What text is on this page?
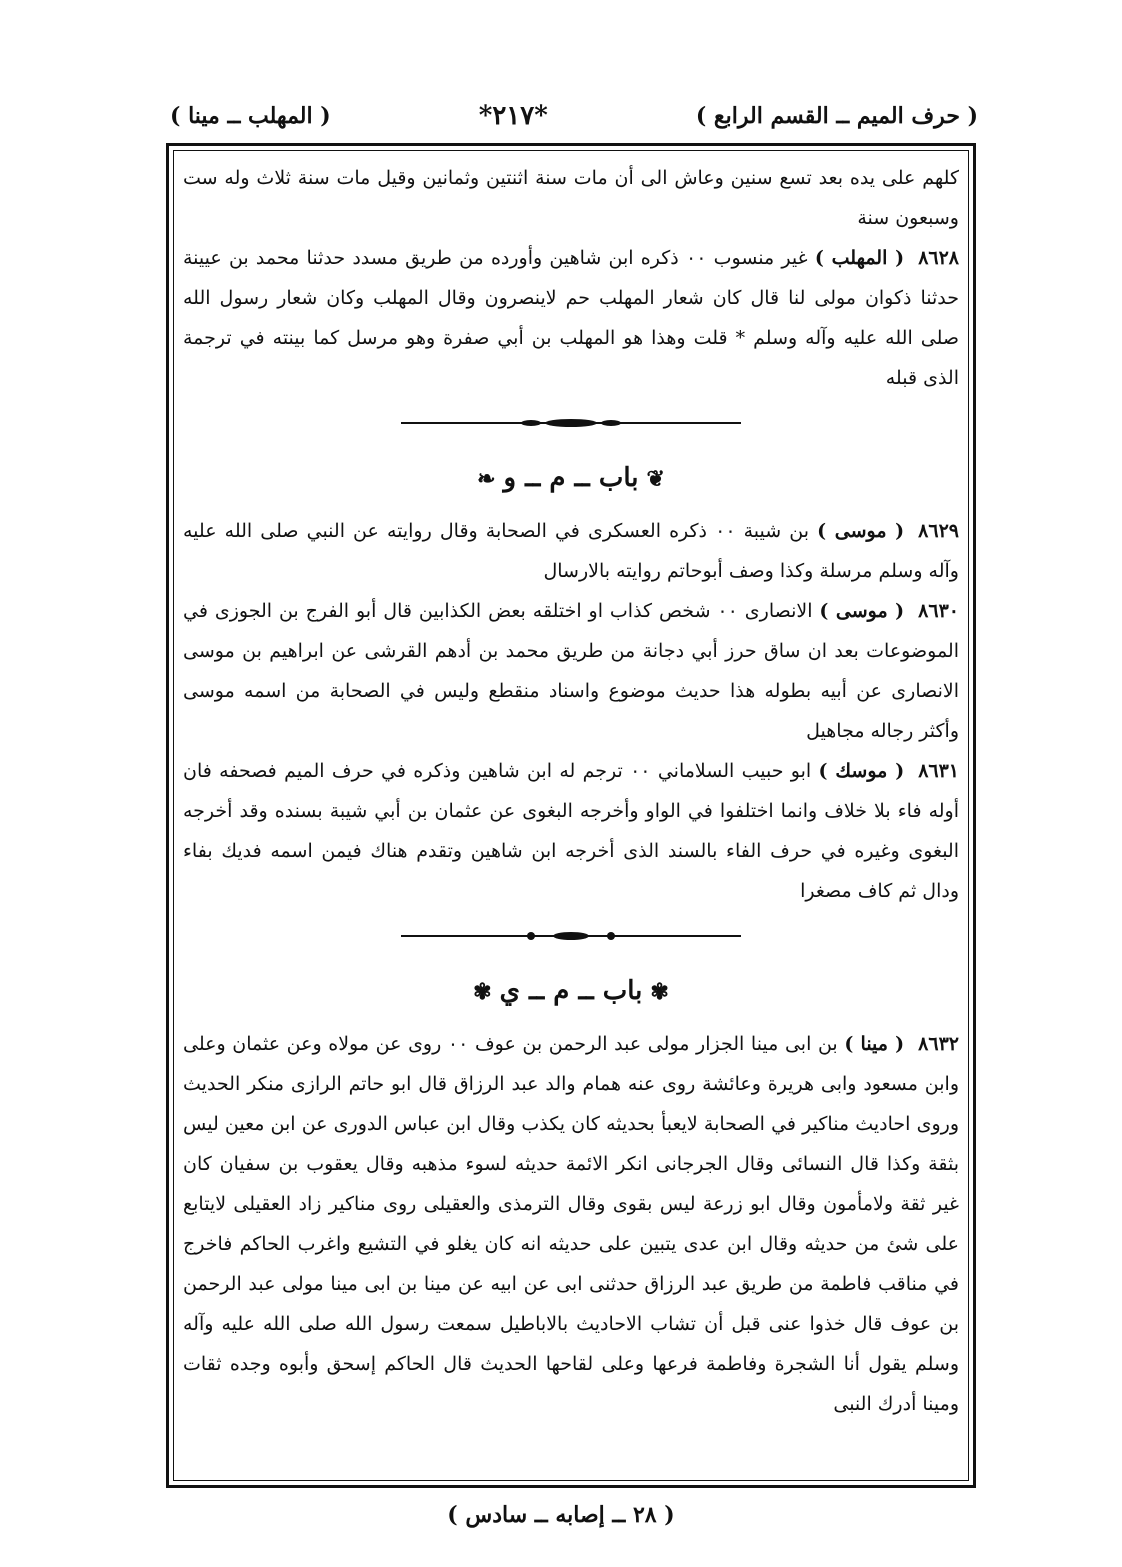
( حرف الميم ــ القسم الرابع )
*٢١٧*
( المهلب ــ مينا )

كلهم على يده بعد تسع سنين وعاش الى أن مات سنة اثنتين وثمانين وقيل مات سنة ثلاث وله ست وسبعون سنة

٨٦٢٨( المهلب ) غير منسوب ٠٠ ذكره ابن شاهين وأورده من طريق مسدد حدثنا محمد بن عيينة حدثنا ذكوان مولى لنا قال كان شعار المهلب حم لاينصرون وقال المهلب وكان شعار رسول الله صلى الله عليه وآله وسلم * قلت وهذا هو المهلب بن أبي صفرة وهو مرسل كما بينته في ترجمة الذى قبله

❦باب ــ م ــ و❧

٨٦٢٩( موسى ) بن شيبة ٠٠ ذكره العسكرى في الصحابة وقال روايته عن النبي صلى الله عليه وآله وسلم مرسلة وكذا وصف أبوحاتم روايته بالارسال

٨٦٣٠( موسى ) الانصارى ٠٠ شخص كذاب او اختلقه بعض الكذابين قال أبو الفرج بن الجوزى في الموضوعات بعد ان ساق حرز أبي دجانة من طريق محمد بن أدهم القرشى عن ابراهيم بن موسى الانصارى عن أبيه بطوله هذا حديث موضوع واسناد منقطع وليس في الصحابة من اسمه موسى وأكثر رجاله مجاهيل

٨٦٣١( موسك ) ابو حبيب السلاماني ٠٠ ترجم له ابن شاهين وذكره في حرف الميم فصحفه فان أوله فاء بلا خلاف وانما اختلفوا في الواو وأخرجه البغوى عن عثمان بن أبي شيبة بسنده وقد أخرجه البغوى وغيره في حرف الفاء بالسند الذى أخرجه ابن شاهين وتقدم هناك فيمن اسمه فديك بفاء ودال ثم كاف مصغرا

✾باب ــ م ــ ي✾

٨٦٣٢( مينا ) بن ابى مينا الجزار مولى عبد الرحمن بن عوف ٠٠ روى عن مولاه وعن عثمان وعلى وابن مسعود وابى هريرة وعائشة روى عنه همام والد عبد الرزاق قال ابو حاتم الرازى منكر الحديث وروى احاديث مناكير في الصحابة لايعبأ بحديثه كان يكذب وقال ابن عباس الدورى عن ابن معين ليس بثقة وكذا قال النسائى وقال الجرجانى انكر الائمة حديثه لسوء مذهبه وقال يعقوب بن سفيان كان غير ثقة ولامأمون وقال ابو زرعة ليس بقوى وقال الترمذى والعقيلى روى مناكير زاد العقيلى لايتابع على شئ من حديثه وقال ابن عدى يتبين على حديثه انه كان يغلو في التشيع واغرب الحاكم فاخرج في مناقب فاطمة من طريق عبد الرزاق حدثنى ابى عن ابيه عن مينا بن ابى مينا مولى عبد الرحمن بن عوف قال خذوا عنى قبل أن تشاب الاحاديث بالاباطيل سمعت رسول الله صلى الله عليه وآله وسلم يقول أنا الشجرة وفاطمة فرعها وعلى لقاحها الحديث قال الحاكم إسحق وأبوه وجده ثقات ومينا أدرك النبى

( ٢٨ ــ إصابه ــ سادس )
